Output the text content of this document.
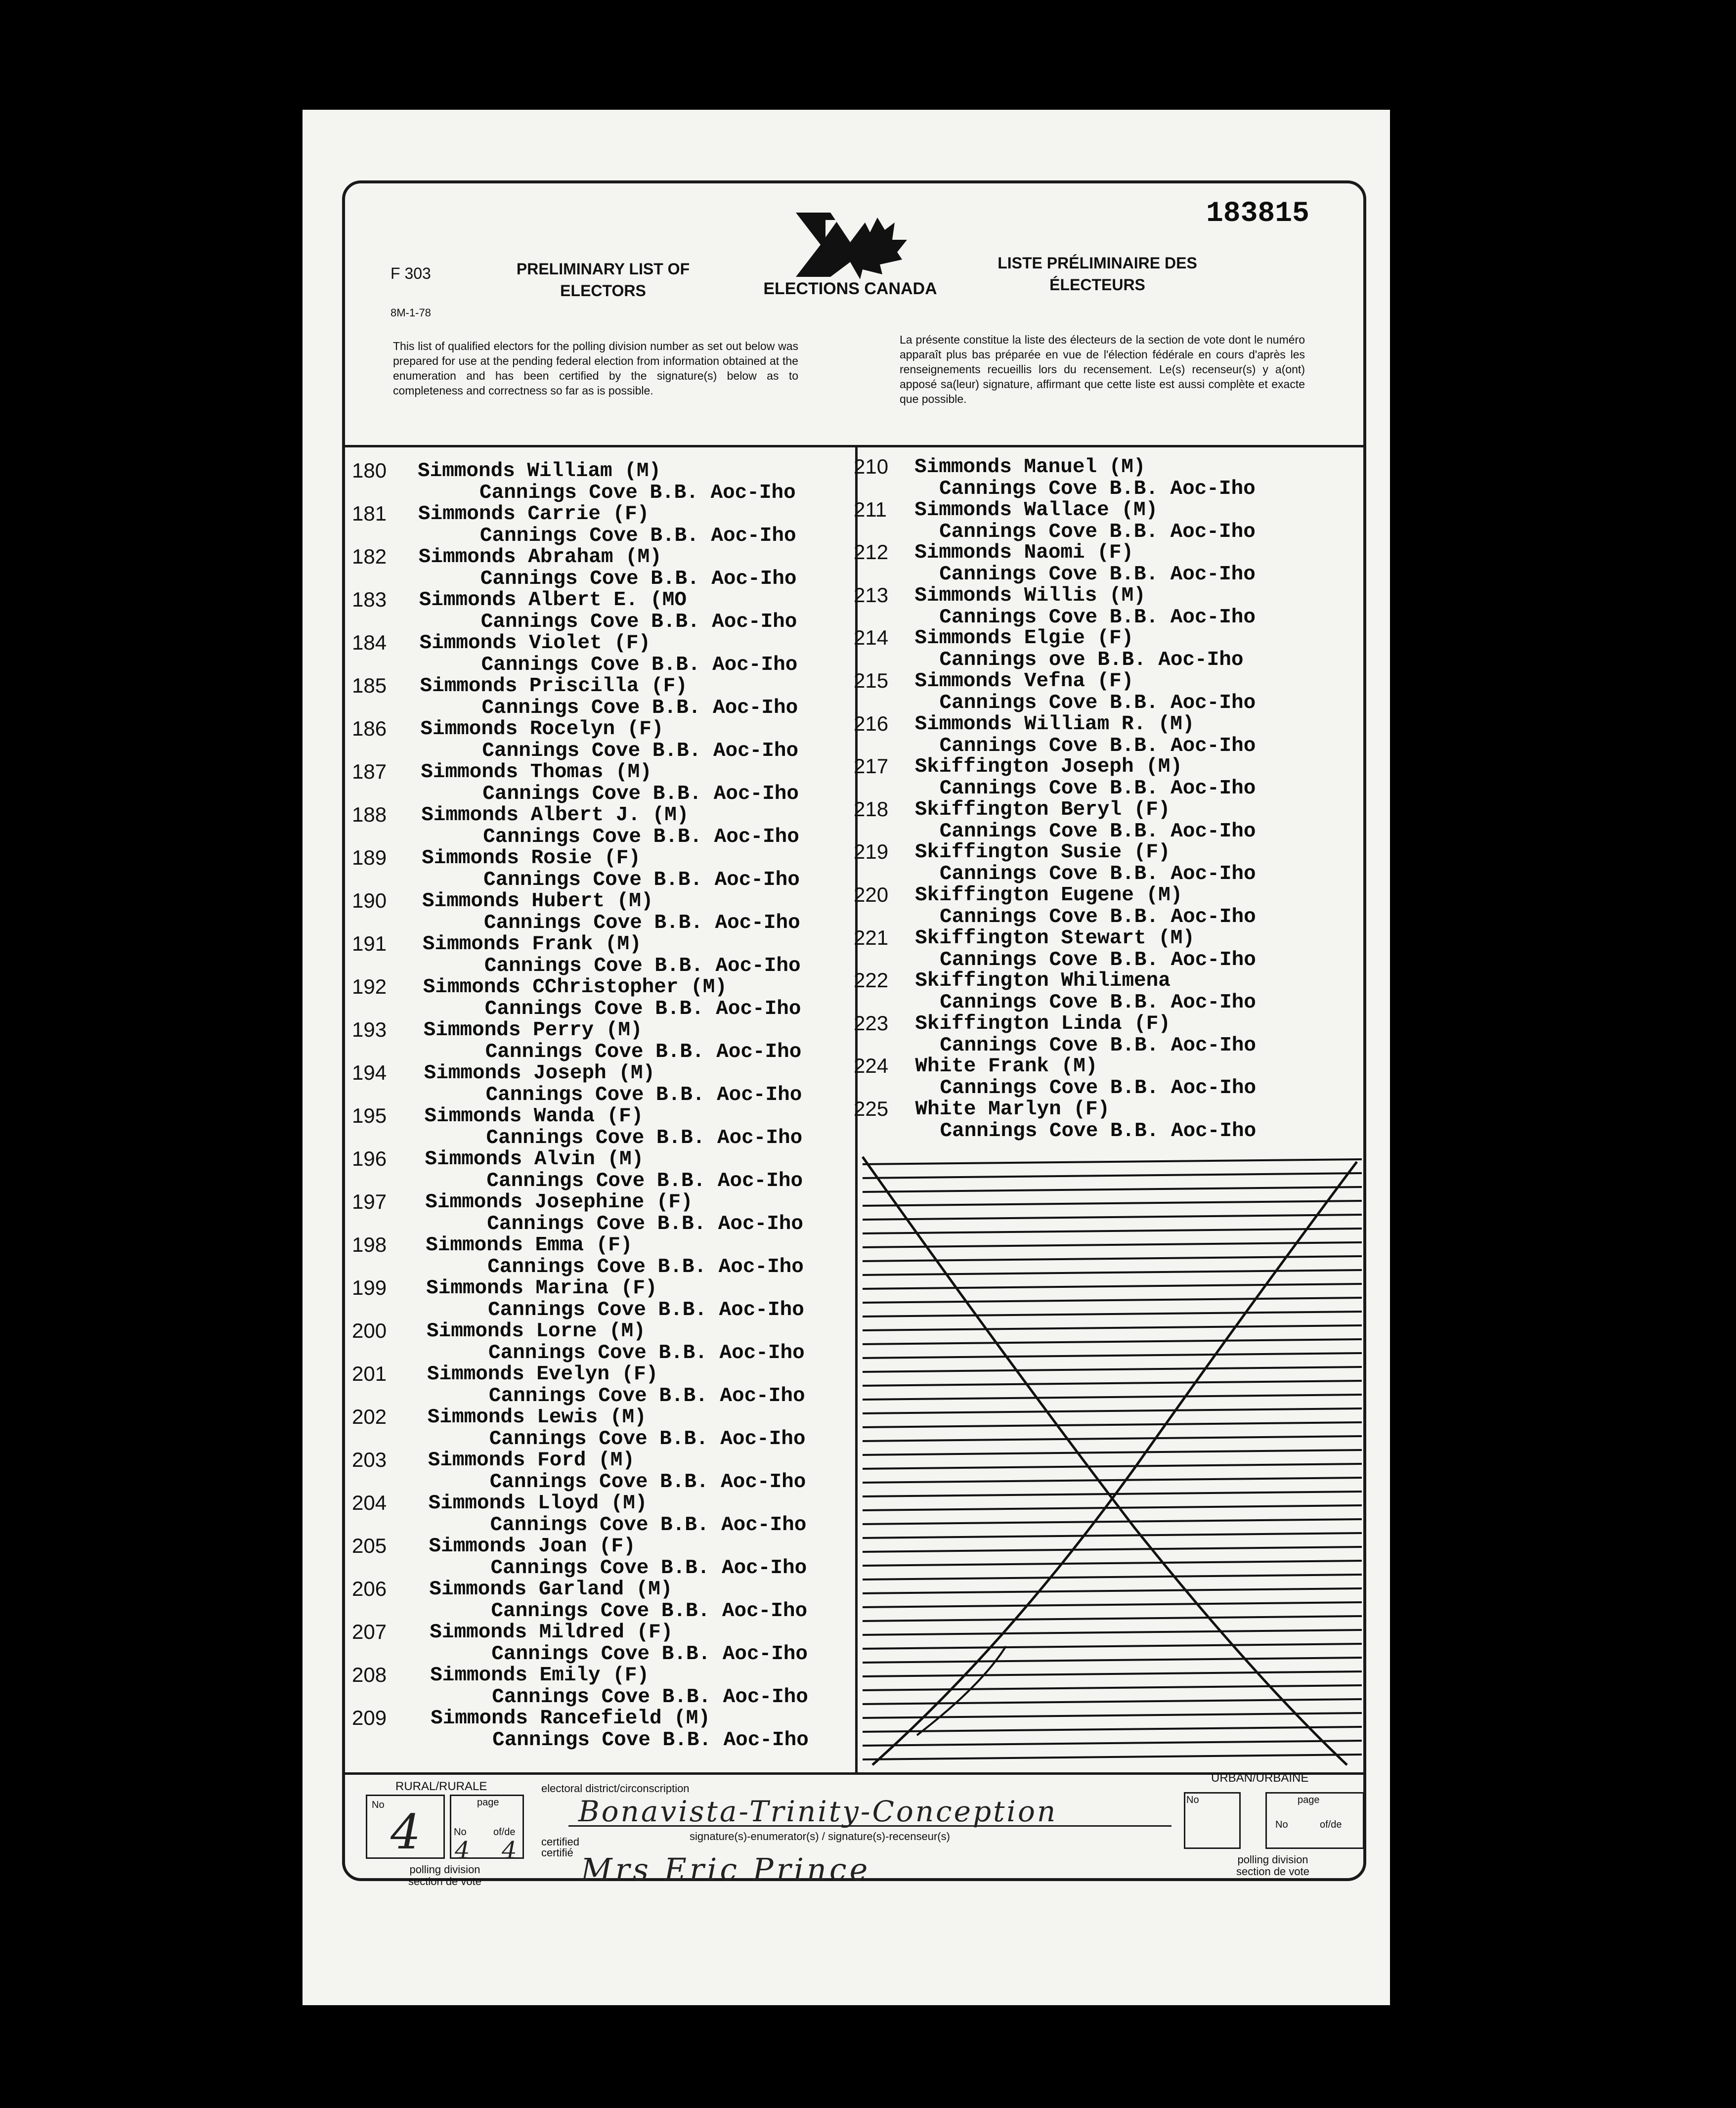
183815
F 303
8M-1-78
PRELIMINARY LIST OF ELECTORS
LISTE PRÉLIMINAIRE DES ÉLECTEURS
ELECTIONS CANADA
This list of qualified electors for the polling division number as set out below was prepared for use at the pending federal election from information obtained at the enumeration and has been certified by the signature(s) below as to completeness and correctness so far as is possible.
La présente constitue la liste des électeurs de la section de vote dont le numéro apparaît plus bas préparée en vue de l'élection fédérale en cours d'après les renseignements recueillis lors du recensement. Le(s) recenseur(s) y a(ont) apposé sa(leur) signature, affirmant que cette liste est aussi complète et exacte que possible.
180 Simmonds William (M)
Cannings Cove B.B. Aoc-Iho
181 Simmonds Carrie (F)
Cannings Cove B.B. Aoc-Iho
182 Simmonds Abraham (M)
Cannings Cove B.B. Aoc-Iho
183 Simmonds Albert E. (MO
Cannings Cove B.B. Aoc-Iho
184 Simmonds Violet (F)
Cannings Cove B.B. Aoc-Iho
185 Simmonds Priscilla (F)
Cannings Cove B.B. Aoc-Iho
186 Simmonds Rocelyn (F)
Cannings Cove B.B. Aoc-Iho
187 Simmonds Thomas (M)
Cannings Cove B.B. Aoc-Iho
188 Simmonds Albert J. (M)
Cannings Cove B.B. Aoc-Iho
189 Simmonds Rosie (F)
Cannings Cove B.B. Aoc-Iho
190 Simmonds Hubert (M)
Cannings Cove B.B. Aoc-Iho
191 Simmonds Frank (M)
Cannings Cove B.B. Aoc-Iho
192 Simmonds CChristopher (M)
Cannings Cove B.B. Aoc-Iho
193 Simmonds Perry (M)
Cannings Cove B.B. Aoc-Iho
194 Simmonds Joseph (M)
Cannings Cove B.B. Aoc-Iho
195 Simmonds Wanda (F)
Cannings Cove B.B. Aoc-Iho
196 Simmonds Alvin (M)
Cannings Cove B.B. Aoc-Iho
197 Simmonds Josephine (F)
Cannings Cove B.B. Aoc-Iho
198 Simmonds Emma (F)
Cannings Cove B.B. Aoc-Iho
199 Simmonds Marina (F)
Cannings Cove B.B. Aoc-Iho
200 Simmonds Lorne (M)
Cannings Cove B.B. Aoc-Iho
201 Simmonds Evelyn (F)
Cannings Cove B.B. Aoc-Iho
202 Simmonds Lewis (M)
Cannings Cove B.B. Aoc-Iho
203 Simmonds Ford (M)
Cannings Cove B.B. Aoc-Iho
204 Simmonds Lloyd (M)
Cannings Cove B.B. Aoc-Iho
205 Simmonds Joan (F)
Cannings Cove B.B. Aoc-Iho
206 Simmonds Garland (M)
Cannings Cove B.B. Aoc-Iho
207 Simmonds Mildred (F)
Cannings Cove B.B. Aoc-Iho
208 Simmonds Emily (F)
Cannings Cove B.B. Aoc-Iho
209 Simmonds Rancefield (M)
Cannings Cove B.B. Aoc-Iho
210 Simmonds Manuel (M)
Cannings Cove B.B. Aoc-Iho
211 Simmonds Wallace (M)
Cannings Cove B.B. Aoc-Iho
212 Simmonds Naomi (F)
Cannings Cove B.B. Aoc-Iho
213 Simmonds Willis (M)
Cannings Cove B.B. Aoc-Iho
214 Simmonds Elgie (F)
Cannings ove B.B. Aoc-Iho
215 Simmonds Vefna (F)
Cannings Cove B.B. Aoc-Iho
216 Simmonds William R. (M)
Cannings Cove B.B. Aoc-Iho
217 Skiffington Joseph (M)
Cannings Cove B.B. Aoc-Iho
218 Skiffington Beryl (F)
Cannings Cove B.B. Aoc-Iho
219 Skiffington Susie (F)
Cannings Cove B.B. Aoc-Iho
220 Skiffington Eugene (M)
Cannings Cove B.B. Aoc-Iho
221 Skiffington Stewart (M)
Cannings Cove B.B. Aoc-Iho
222 Skiffington Whilimena
Cannings Cove B.B. Aoc-Iho
223 Skiffington Linda (F)
Cannings Cove B.B. Aoc-Iho
224 White Frank (M)
Cannings Cove B.B. Aoc-Iho
225 White Marlyn (F)
Cannings Cove B.B. Aoc-Iho
RURAL/RURALE
URBAN/URBAINE
electoral district/circonscription
certified certifié
signature(s)-enumerator(s) / signature(s)-recenseur(s)
polling division section de vote
polling division section de vote
No 4
page
No	of/de
4 4
No	page
No	of/de
Bonavista-Trinity-Conception
Mrs Eric Prince
